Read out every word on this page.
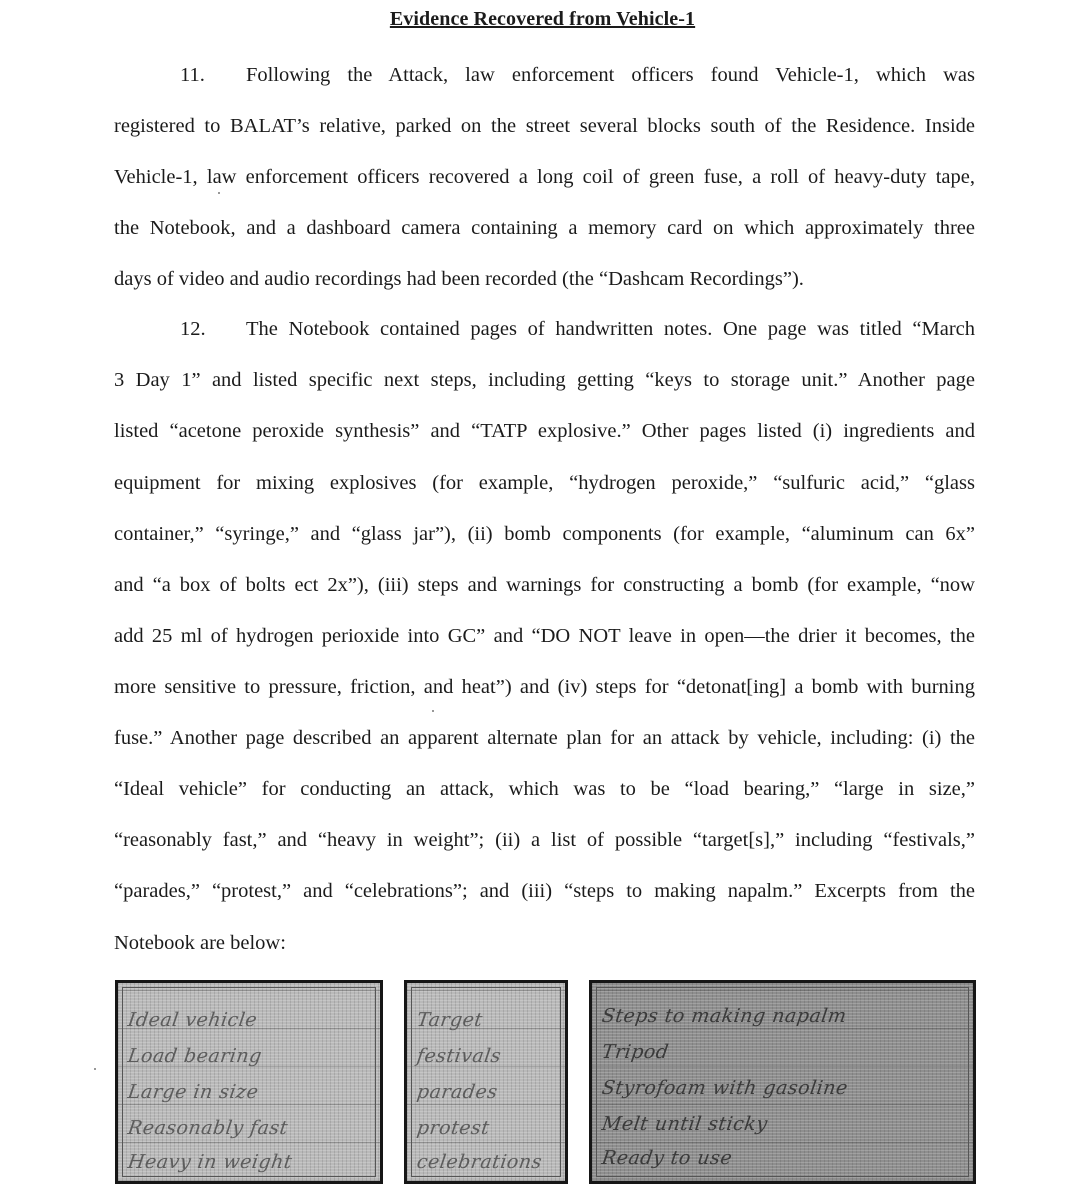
Evidence Recovered from Vehicle-1
11. Following the Attack, law enforcement officers found Vehicle-1, which was
registered to BALAT’s relative, parked on the street several blocks south of the Residence. Inside
Vehicle-1, law enforcement officers recovered a long coil of green fuse, a roll of heavy-duty tape,
the Notebook, and a dashboard camera containing a memory card on which approximately three
days of video and audio recordings had been recorded (the “Dashcam Recordings”).
12. The Notebook contained pages of handwritten notes. One page was titled “March
3 Day 1” and listed specific next steps, including getting “keys to storage unit.” Another page
listed “acetone peroxide synthesis” and “TATP explosive.” Other pages listed (i) ingredients and
equipment for mixing explosives (for example, “hydrogen peroxide,” “sulfuric acid,” “glass
container,” “syringe,” and “glass jar”), (ii) bomb components (for example, “aluminum can 6x”
and “a box of bolts ect 2x”), (iii) steps and warnings for constructing a bomb (for example, “now
add 25 ml of hydrogen perioxide into GC” and “DO NOT leave in open—the drier it becomes, the
more sensitive to pressure, friction, and heat”) and (iv) steps for “detonat[ing] a bomb with burning
fuse.” Another page described an apparent alternate plan for an attack by vehicle, including: (i) the
“Ideal vehicle” for conducting an attack, which was to be “load bearing,” “large in size,”
“reasonably fast,” and “heavy in weight”; (ii) a list of possible “target[s],” including “festivals,”
“parades,” “protest,” and “celebrations”; and (iii) “steps to making napalm.” Excerpts from the
Notebook are below:
Ideal vehicle
Load bearing
Large in size
Reasonably fast
Heavy in weight
Target
festivals
parades
protest
celebrations
Steps to making napalm
Tripod
Styrofoam with gasoline
Melt until sticky
Ready to use
